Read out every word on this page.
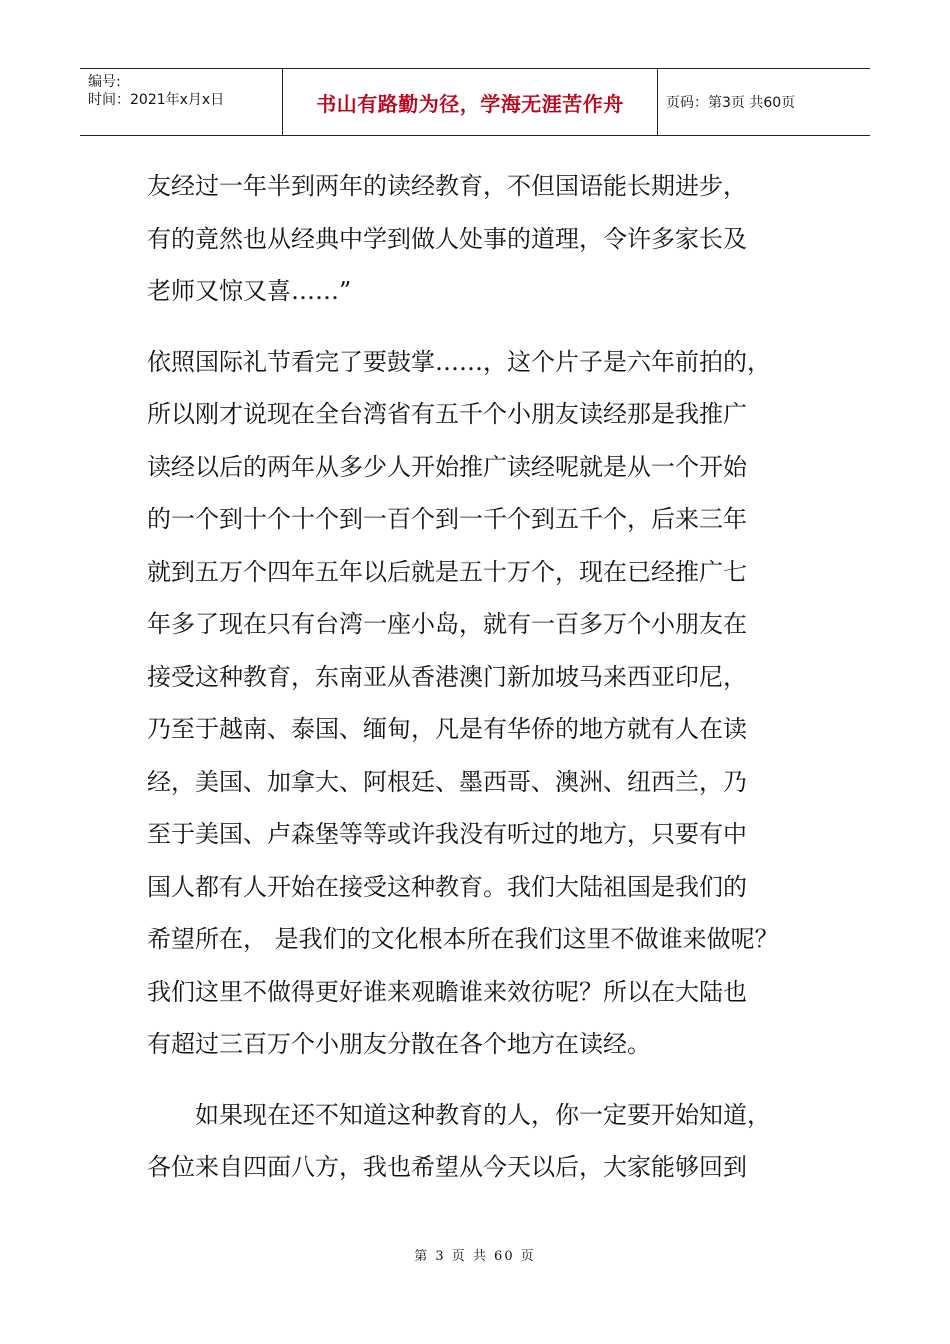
编号:
时间：2021年x月x日	书山有路勤为径，学海无涯苦作舟	页码：第3页 共60页

友经过一年半到两年的读经教育，不但国语能长期进步，
有的竟然也从经典中学到做人处事的道理，令许多家长及
老师又惊又喜……”

依照国际礼节看完了要鼓掌……，这个片子是六年前拍的，
所以刚才说现在全台湾省有五千个小朋友读经那是我推广
读经以后的两年从多少人开始推广读经呢就是从一个开始
的一个到十个十个到一百个到一千个到五千个，后来三年
就到五万个四年五年以后就是五十万个，现在已经推广七
年多了现在只有台湾一座小岛，就有一百多万个小朋友在
接受这种教育，东南亚从香港澳门新加坡马来西亚印尼，
乃至于越南、泰国、缅甸，凡是有华侨的地方就有人在读
经，美国、加拿大、阿根廷、墨西哥、澳洲、纽西兰，乃
至于美国、卢森堡等等或许我没有听过的地方，只要有中
国人都有人开始在接受这种教育。我们大陆祖国是我们的
希望所在， 是我们的文化根本所在我们这里不做谁来做呢？
我们这里不做得更好谁来观瞻谁来效彷呢？所以在大陆也
有超过三百万个小朋友分散在各个地方在读经。

如果现在还不知道这种教育的人，你一定要开始知道，
各位来自四面八方，我也希望从今天以后，大家能够回到

第 3 页 共 60 页
